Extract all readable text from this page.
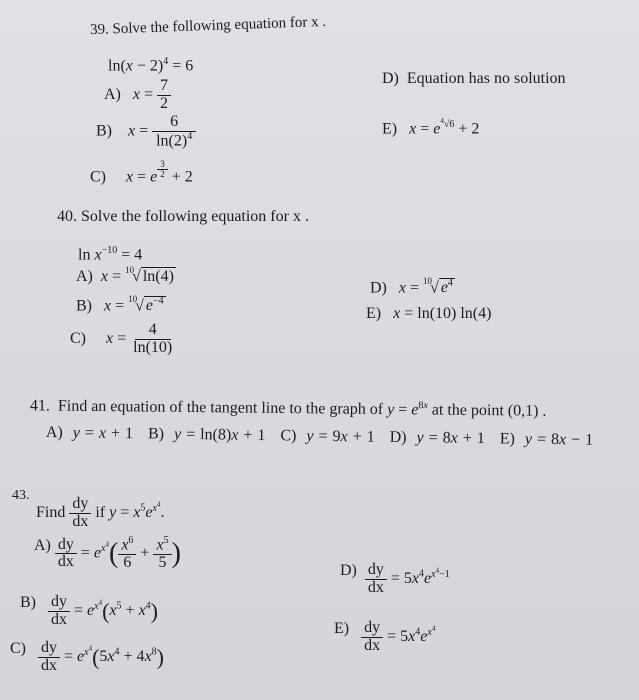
39. Solve the following equation for x .
$\ln(x - 2)^4 = 6$
A) $x = \frac{7}{2}$
B) $x = \frac{6}{\ln(2)^4}$
C) x = e $^{\frac{3}{2}}$ + 2
D) Equation has no solution
E) $x = e^{^4√6} + 2$
40. Solve the following equation for x .
$\ln x^{-10} = 4$
A) x = $^{10}$√ ln(4)
B) x = $^{10}$√ $e^{-4}$
C) $x = \frac{4}{\ln(10)}$
D) x = $^{10}$√ $e^4$
E) x = ln(10) ln(4)
41.  Find an equation of the tangent line to the graph of $y = e^{8x}$ at the point (0,1) .
A)  y = x + 1   B)  y = ln(8)x + 1   C)  y = 9x + 1   D)  y = 8x + 1   E)  y = 8x − 1
43.
Find $\frac{dy}{dx}$ if $y = x^5e^{x^4}$.
$A) \frac{dy}{dx} = e^{x^4}( \frac{x^6}{6} + \frac{x^5}{5}$ )
$B) \frac{dy}{dx} = e^{x^4}(x^5 + x^4)$
$C) \frac{dy}{dx} = e^{x^4}(5x^4 + 4x^8)$
$D) \frac{dy}{dx} = 5x^4e^{x^4-1}$
$E) \frac{dy}{dx} = 5x^4e^{x^4}$
